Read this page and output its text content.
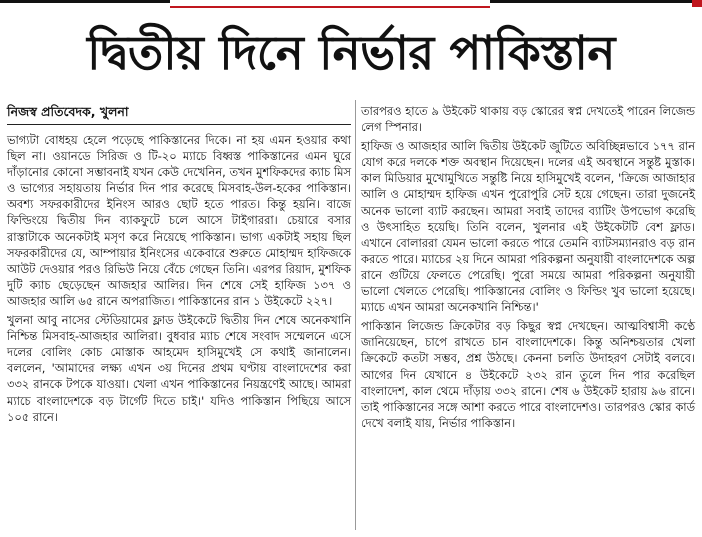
দ্বিতীয় দিনে নির্ভার পাকিস্তান
নিজস্ব প্রতিবেদক, খুলনা

ভাগ্যটা বোধহয় হেলে পড়েছে পাকিস্তানের দিকে। না হয় এমন হওয়ার কথা ছিল না। ওয়ানডে সিরিজ ও টি-২০ ম্যাচে বিধ্বস্ত পাকিস্তানের এমন ঘুরে দাঁড়ানোর কোনো সম্ভাবনাই যখন কেউ দেখেনিন, তখন মুশফিকদের ক্যাচ মিস ও ভাগ্যের সহায়তায় নির্ভার দিন পার করেছে মিসবাহ-উল-হকের পাকিস্তান। অবশ্য সফরকারীদের ইনিংস আরও ছোট হতে পারত। কিন্তু হয়নি। বাজে ফিল্ডিংয়ে দ্বিতীয় দিন ব্যাকফুটে চলে আসে টাইগাররা। চেয়ারে বসার রাস্তাটাকে অনেকটাই মসৃণ করে নিয়েছে পাকিস্তান। ভাগ্য একটাই সহায় ছিল সফরকারীদের যে, আম্পায়ার ইনিংসের একেবারে শুরুতে মোহাম্মদ হাফিজকে আউট দেওয়ার পরও রিভিউ নিয়ে বেঁচে গেছেন তিনি। এরপর রিয়াদ, মুশফিক দুটি ক্যাচ ছেড়েছেন আজহার আলির। দিন শেষে সেই হাফিজ ১৩৭ ও আজহার আলি ৬৫ রানে অপরাজিত। পাকিস্তানের রান ১ উইকেটে ২২৭।

খুলনা আবু নাসের স্টেডিয়ামের ফ্লাড উইকেটে দ্বিতীয় দিন শেষে অনেকখানি নিশ্চিন্ত মিসবাহ-আজহার আলিরা। বুধবার ম্যাচ শেষে সংবাদ সম্মেলনে এসে দলের বোলিং কোচ মোস্তাক আহমেদ হাসিমুখেই সে কথাই জানালেন। বললেন, 'আমাদের লক্ষ্য এখন ৩য় দিনের প্রথম ঘণ্টায় বাংলাদেশের করা ৩৩২ রানকে টপকে যাওয়া। খেলা এখন পাকিস্তানের নিয়ন্ত্রণেই আছে। আমরা ম্যাচে বাংলাদেশকে বড় টার্গেট দিতে চাই।' যদিও পাকিস্তান পিছিয়ে আসে ১০৫ রানে।

তারপরও হাতে ৯ উইকেট থাকায় বড় স্কোরের স্বপ্ন দেখতেই পারেন লিজেন্ড লেগ স্পিনার।

হাফিজ ও আজহার আলি দ্বিতীয় উইকেট জুটিতে অবিচ্ছিন্নভাবে ১৭৭ রান যোগ করে দলকে শক্ত অবস্থান দিয়েছেন। দলের এই অবস্থানে সন্তুষ্ট মুস্তাক। কাল মিডিয়ার মুখোমুখিতে সন্তুষ্টি নিয়ে হাসিমুখেই বলেন, 'ক্রিজে আজাহার আলি ও মোহাম্মদ হাফিজ এখন পুরোপুরি সেট হয়ে গেছেন। তারা দুজনেই অনেক ভালো ব্যাট করছেন। আমরা সবাই তাদের ব্যাটিং উপভোগ করেছি ও উৎসাহিত হয়েছি। তিনি বলেন, খুলনার এই উইকেটটি বেশ ফ্লাড। এখানে বোলাররা যেমন ভালো করতে পারে তেমনি ব্যাটসম্যানরাও বড় রান করতে পারে। ম্যাচের ২য় দিনে আমরা পরিকল্পনা অনুযায়ী বাংলাদেশকে অল্প রানে গুটিয়ে ফেলতে পেরেছি। পুরো সময়ে আমরা পরিকল্পনা অনুযায়ী ভালো খেলতে পেরেছি। পাকিস্তানের বোলিং ও ফিল্ডিং খুব ভালো হয়েছে। ম্যাচে এখন আমরা অনেকখানি নিশ্চিন্ত।'

পাকিস্তান লিজেন্ড ক্রিকেটার বড় কিছুর স্বপ্ন দেখছেন। আত্মবিশ্বাসী কণ্ঠে জানিয়েছেন, চাপে রাখতে চান বাংলাদেশকে। কিন্তু অনিশ্চয়তার খেলা ক্রিকেটে কতটা সম্ভব, প্রশ্ন উঠছে। কেননা চলতি উদাহরণ সেটাই বলবে। আগের দিন যেখানে ৪ উইকেটে ২৩২ রান তুলে দিন পার করেছিল বাংলাদেশ, কাল থেমে দাঁড়ায় ৩৩২ রানে। শেষ ৬ উইকেট হারায় ৯৬ রানে। তাই পাকিস্তানের সঙ্গে আশা করতে পারে বাংলাদেশও। তারপরও স্কোর কার্ড দেখে বলাই যায়, নির্ভার পাকিস্তান।
